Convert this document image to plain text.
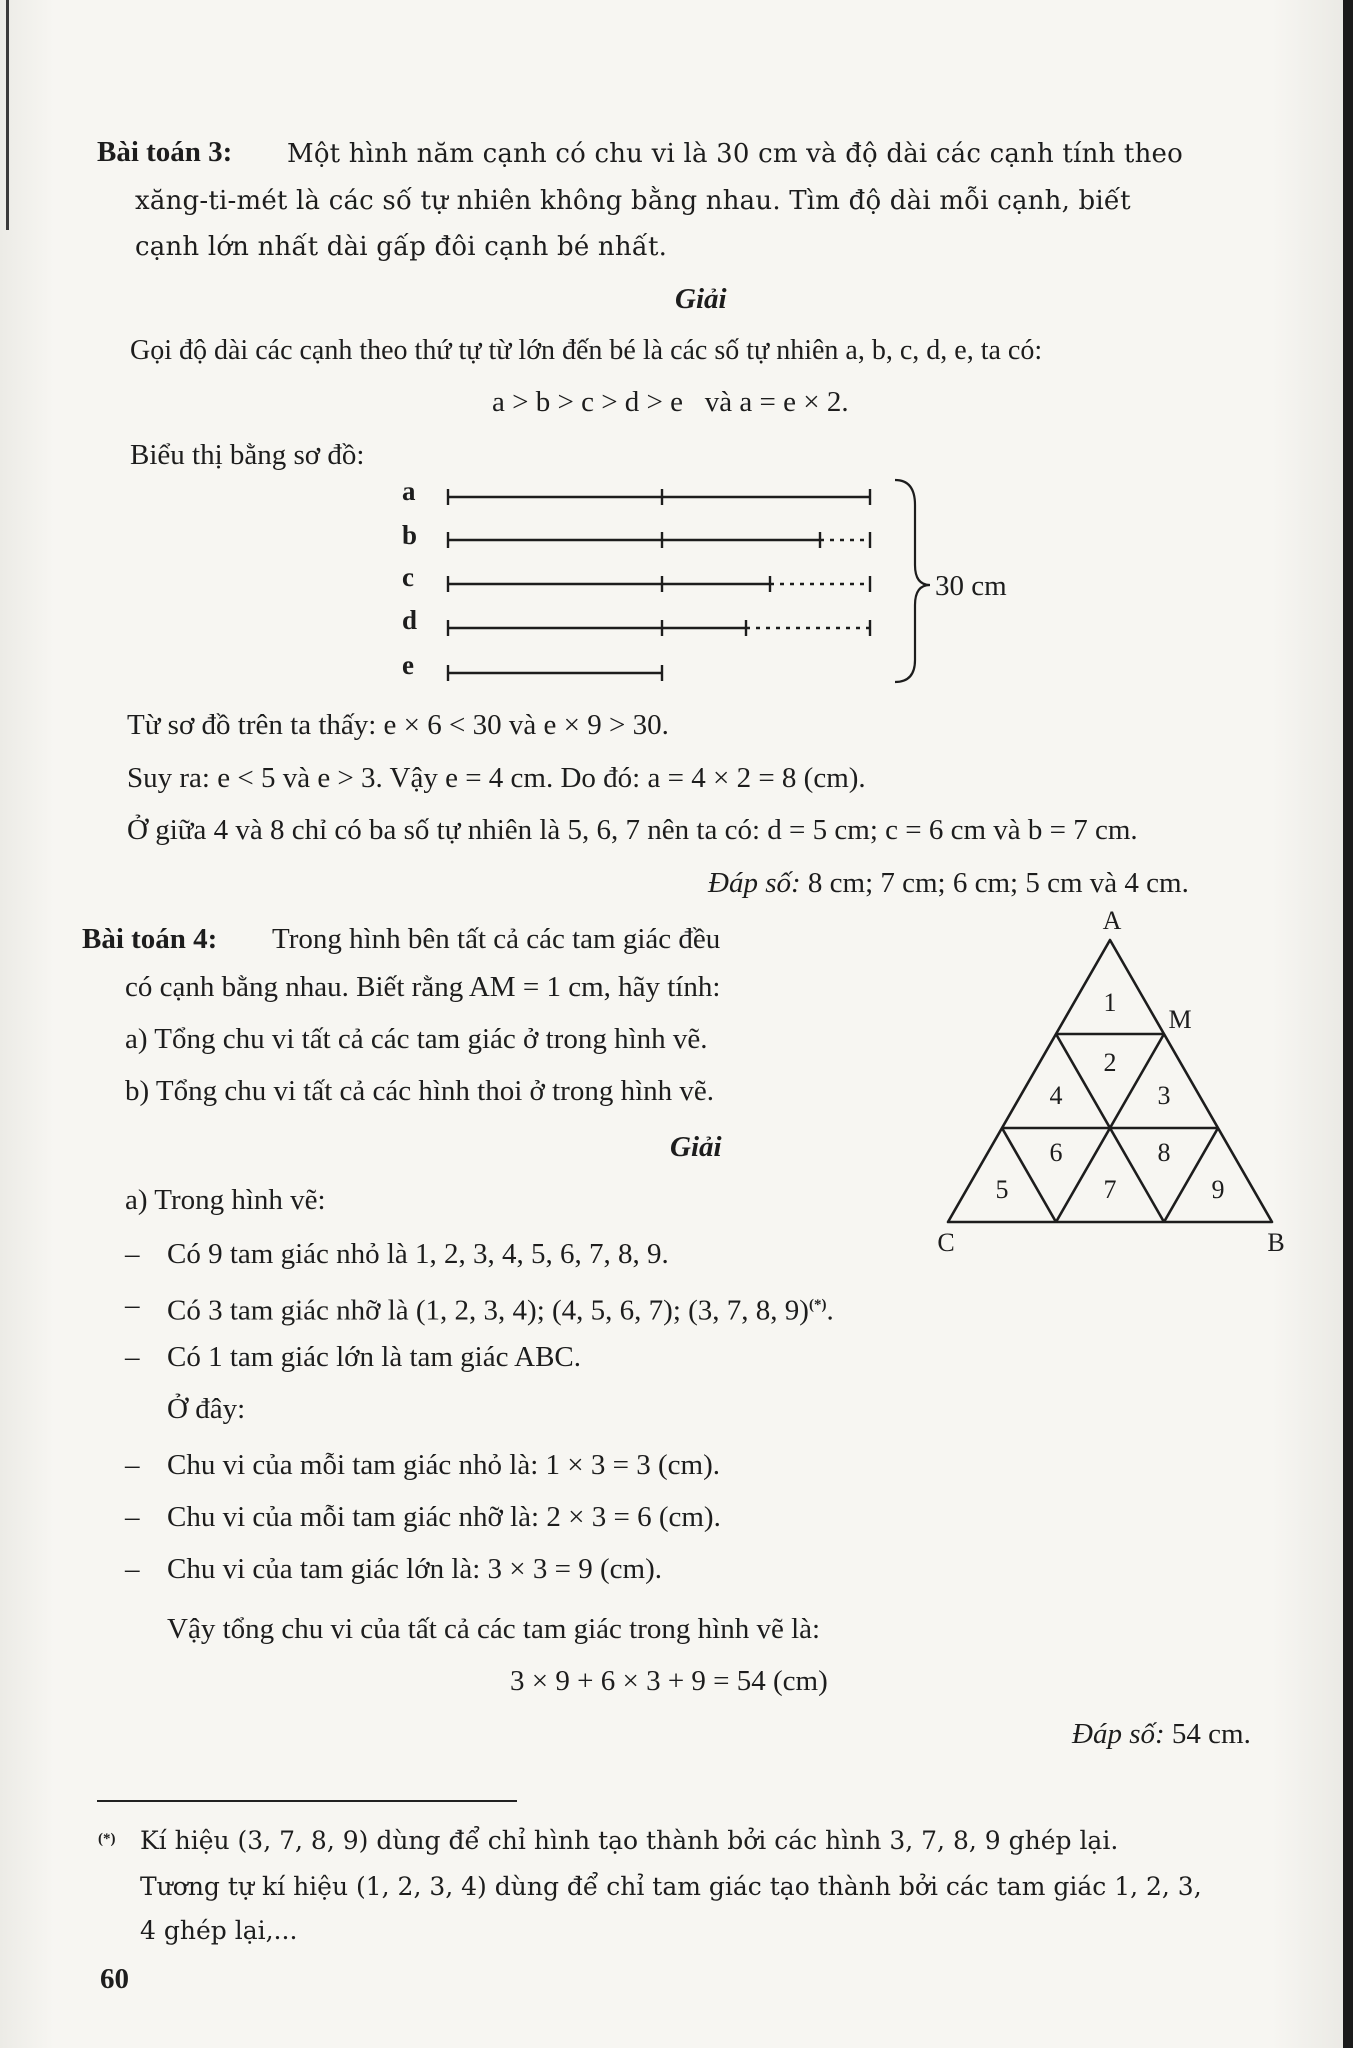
Bài toán 3: Một hình năm cạnh có chu vi là 30 cm và độ dài các cạnh tính theo
xăng-ti-mét là các số tự nhiên không bằng nhau. Tìm độ dài mỗi cạnh, biết
cạnh lớn nhất dài gấp đôi cạnh bé nhất.
Giải
Gọi độ dài các cạnh theo thứ tự từ lớn đến bé là các số tự nhiên a, b, c, d, e, ta có:
a > b > c > d > e   và a = e × 2.
Biểu thị bằng sơ đồ:
a
b
c
d
e
30 cm
Từ sơ đồ trên ta thấy: e × 6 < 30 và e × 9 > 30.
Suy ra: e < 5 và e > 3. Vậy e = 4 cm. Do đó: a = 4 × 2 = 8 (cm).
Ở giữa 4 và 8 chỉ có ba số tự nhiên là 5, 6, 7 nên ta có: d = 5 cm; c = 6 cm và b = 7 cm.
Đáp số: 8 cm; 7 cm; 6 cm; 5 cm và 4 cm.
Bài toán 4: Trong hình bên tất cả các tam giác đều
có cạnh bằng nhau. Biết rằng AM = 1 cm, hãy tính:
a) Tổng chu vi tất cả các tam giác ở trong hình vẽ.
b) Tổng chu vi tất cả các hình thoi ở trong hình vẽ.
Giải
a) Trong hình vẽ:
– Có 9 tam giác nhỏ là 1, 2, 3, 4, 5, 6, 7, 8, 9.
– Có 3 tam giác nhỡ là (1, 2, 3, 4); (4, 5, 6, 7); (3, 7, 8, 9)(*).
– Có 1 tam giác lớn là tam giác ABC.
Ở đây:
– Chu vi của mỗi tam giác nhỏ là: 1 × 3 = 3 (cm).
– Chu vi của mỗi tam giác nhỡ là: 2 × 3 = 6 (cm).
– Chu vi của tam giác lớn là: 3 × 3 = 9 (cm).
Vậy tổng chu vi của tất cả các tam giác trong hình vẽ là:
3 × 9 + 6 × 3 + 9 = 54 (cm)
Đáp số: 54 cm.
A
M
C	B
1
2
3
4
5
6
7
8
9
(*) Kí hiệu (3, 7, 8, 9) dùng để chỉ hình tạo thành bởi các hình 3, 7, 8, 9 ghép lại.
Tương tự kí hiệu (1, 2, 3, 4) dùng để chỉ tam giác tạo thành bởi các tam giác 1, 2, 3,
4 ghép lại,...
60
